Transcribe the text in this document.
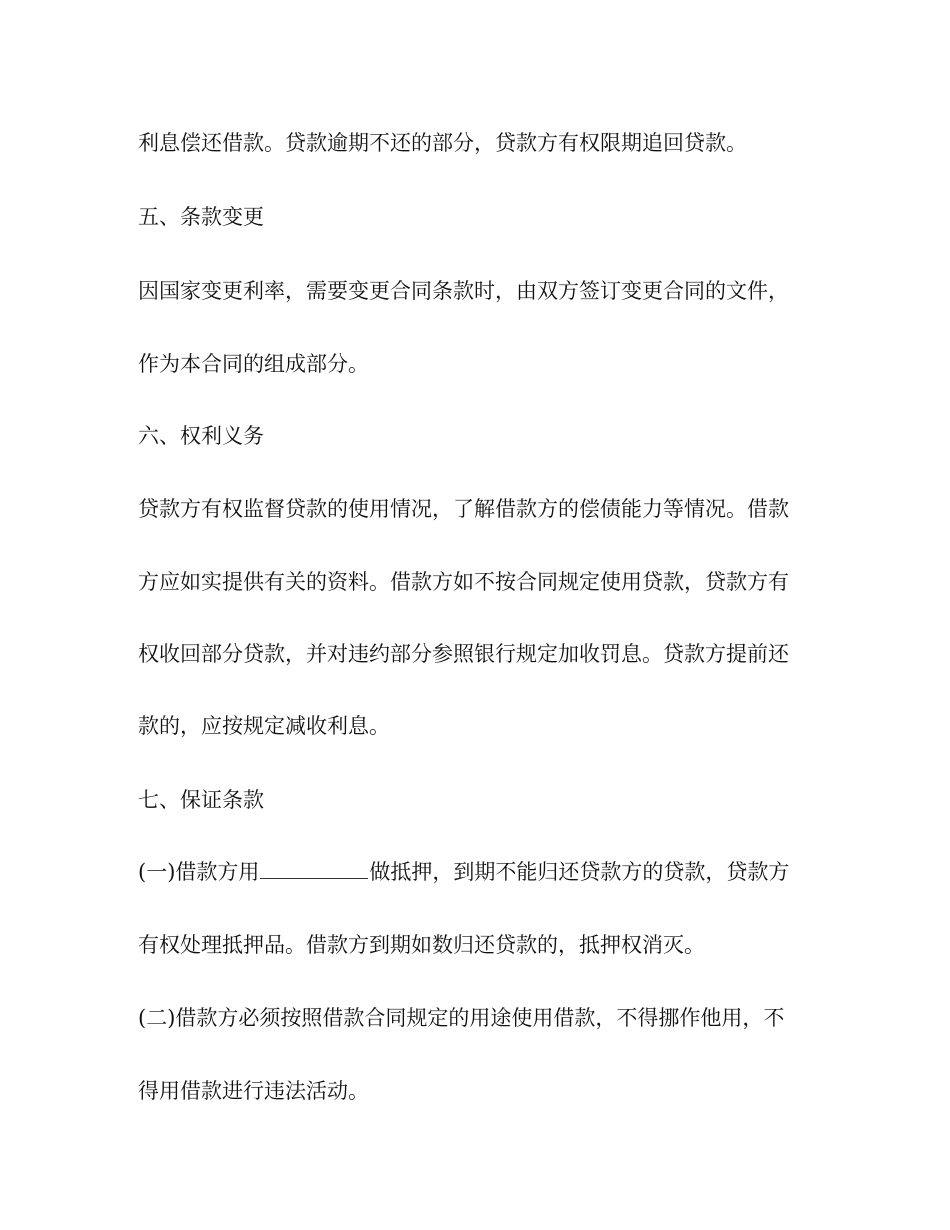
利息偿还借款。贷款逾期不还的部分，贷款方有权限期追回贷款。
五、条款变更
因国家变更利率，需要变更合同条款时，由双方签订变更合同的文件，
作为本合同的组成部分。
六、权利义务
贷款方有权监督贷款的使用情况，了解借款方的偿债能力等情况。借款
方应如实提供有关的资料。借款方如不按合同规定使用贷款，贷款方有
权收回部分贷款，并对违约部分参照银行规定加收罚息。贷款方提前还
款的，应按规定减收利息。
七、保证条款
(一)借款方用	做抵押，到期不能归还贷款方的贷款，贷款方
有权处理抵押品。借款方到期如数归还贷款的，抵押权消灭。
(二)借款方必须按照借款合同规定的用途使用借款，不得挪作他用，不
得用借款进行违法活动。
